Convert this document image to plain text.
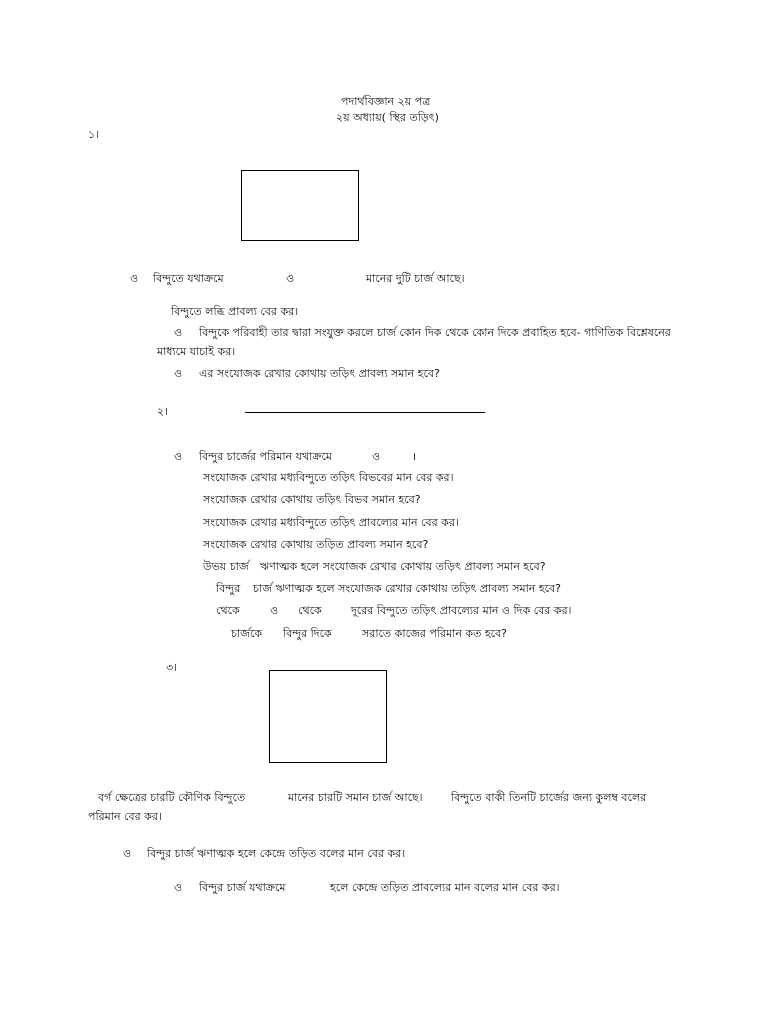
পদার্থবিজ্ঞান ২য় পত্র
২য় অধ্যায়( স্থির তড়িৎ)
১।
ও বিন্দুতে যথাক্রমে	ও	মানের দুটি চার্জ আছে।
বিন্দুতে লব্ধি প্রাবল্য বের কর।
ও বিন্দুকে পরিবাহী তার দ্বারা সংযুক্ত করলে চার্জ কোন দিক থেকে কোন দিকে প্রবাহিত হবে- গাণিতিক বিশ্লেষনের
মাধ্যমে যাচাই কর।
ও এর সংযোজক রেখার কোথায় তড়িৎ প্রাবল্য সমান হবে?
২।
ও বিন্দুর চার্জের পরিমান যথাক্রমে	ও	।
সংযোজক রেখার মধ্যবিন্দুতে তড়িৎ বিভবের মান বের কর।
সংযোজক রেখার কোথায় তড়িৎ বিভব সমান হবে?
সংযোজক রেখার মধ্যবিন্দুতে তড়িৎ প্রাবল্যের মান বের কর।
সংযোজক রেখার কোথায় তড়িত প্রাবল্য সমান হবে?
উভয় চার্জ ঋণাত্মক হলে সংযোজক রেখার কোথায় তড়িৎ প্রাবল্য সমান হবে?
বিন্দুর চার্জ ঋণাত্মক হলে সংযোজক রেখার কোথায় তড়িৎ প্রাবল্য সমান হবে?
থেকে	ও থেকে	দূরের বিন্দুতে তড়িৎ প্রাবল্যের মান ও দিক বের কর।
চার্জকে বিন্দুর দিকে	সরাতে কাজের পরিমান কত হবে?
৩।
বর্গ ক্ষেত্রের চারটি কৌণিক বিন্দুতে	মানের চারটি সমান চার্জ আছে।	বিন্দুতে বাকী তিনটি চার্জের জন্য কুলম্ব বলের
পরিমান বের কর।
ও বিন্দুর চার্জ ঋণাত্মক হলে কেন্দ্রে তড়িত বলের মান বের কর।
ও বিন্দুর চার্জ যথাক্রমে	হলে কেন্দ্রে তড়িত প্রাবল্যের মান বলের মান বের কর।
